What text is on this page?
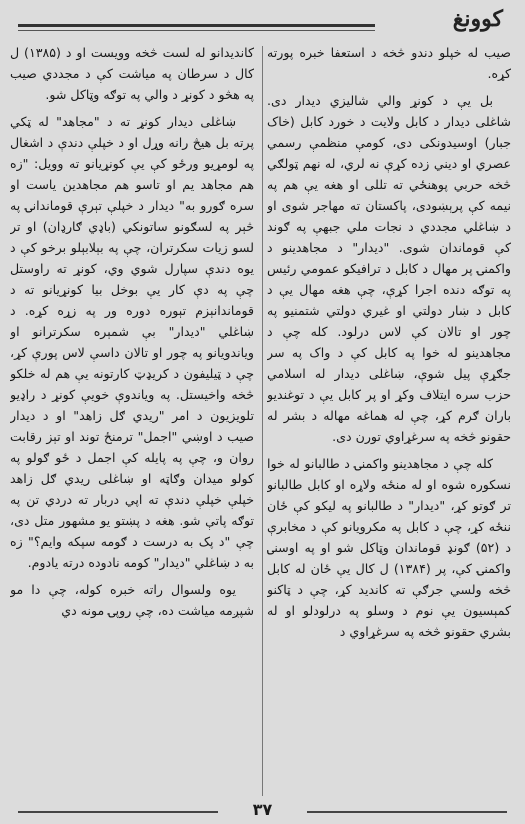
کوونغ

صیب له خپلو دندو څخه د استعفا خبره پورته کړه.

بل یې د کونړ والي شالیزي دیدار دی. شاغلی دیدار د کابل ولایت د خورد کابل (خاک جبار) اوسیدونکی دی، کومې منظمې رسمي عصري او دیني زده کړې نه لري، له نهم ټولګي څخه حربي پوهنځي ته تللی او هغه یې هم په نیمه کې پرېښودی، پاکستان ته مهاجر شوی او د ښاغلي مجددي د نجات ملي جبهې په ګوند کې قوماندان شوی. "دیدار" د مجاهدینو د واکمنۍ پر مهال د کابل د ترافیکو عمومي رئیس په توګه دنده اجرا کړې، چې هغه مهال یې د کابل د ښار دولتي او غیري دولتي شتمنیو په چور او تالان کې لاس درلود. کله چې د مجاهدینو له خوا په کابل کې د واک په سر جګړې پیل شوې، ښاغلی دیدار له اسلامي حزب سره ایتلاف وکړ او پر کابل یې د توغندیو باران ګرم کړ، چې له هماغه مهاله د بشر له حقونو څخه په سرغړاوي تورن دی.

کله چې د مجاهدینو واکمنۍ د طالبانو له خوا نسکوره شوه او له منځه ولاړه او کابل طالبانو تر ګوتو کړ، "دیدار" د طالبانو په لیکو کې ځان ننځه کړ، چې د کابل په مکرویانو کې د مخابرې د (۵۲) ګونډ قوماندان وټاکل شو او په اوسنۍ واکمنۍ کې، پر (۱۳۸۴) ل کال یې ځان له کابل څخه ولسي جرګې ته کاندید کړ، چې د ټاکنو کمېسیون یې نوم د وسلو په درلودلو او له بشري حقونو څخه په سرغړاوي د

کاندیدانو له لست څخه وویست او د (۱۳۸۵) ل کال د سرطان په میاشت کې د مجددي صیب په هڅو د کونړ د والي په توګه وټاکل شو.

ښاغلی دیدار کونړ ته د "مجاهد" له ټکي پرته بل هیڅ رانه وړل او د خپلې دندې د اشغال په لومړیو ورځو کې یې کونړیانو ته وویل: "زه هم مجاهد یم او تاسو هم مجاهدین یاست او سره ګورو به" دیدار د خپلې تېرې قوماندانۍ په څېر په لسګونو ساتونکي (باډي ګارډان) او تر لسو زیات سکرتران، چې په بېلابېلو برخو کې د یوه دندې سپارل شوي وي، کونړ ته راوستل چې په دې کار یې بوخل بیا کونړیانو ته د قوماندانېزم تېوره دوره ور په زړه کړه. د ښاغلي "دیدار" بې شمېره سکرترانو او وياندویانو په چور او تالان داسې لاس پورې کړ، چې د ټیلیفون د کریډټ کارتونه یې هم له خلکو څخه واخیستل. په ویاندوې خویې کونړ د راډیو تلویزیون د امر "ریدي ګل زاهد" او د دیدار صیب د اوښي "اجمل" ترمنځ توند او تېز رقابت روان و، چې په پایله کې اجمل د ځو ګولو په کولو میدان وګاټه او ښاغلی ریدي ګل زاهد خپلې خپلې دندې ته اپي دربار ته دردي تن په توګه پاتې شو. هغه د پښتو یو مشهور متل دی، چې "د پک به درست د ګومه سپکه وایم؟" زه به د ښاغلي "دیدار" کومه نادوده درته یادوم.

یوه ولسوال راته خبره کوله، چې دا مو شپږمه میاشت ده، چې روپۍ مونه دي

۳۷
